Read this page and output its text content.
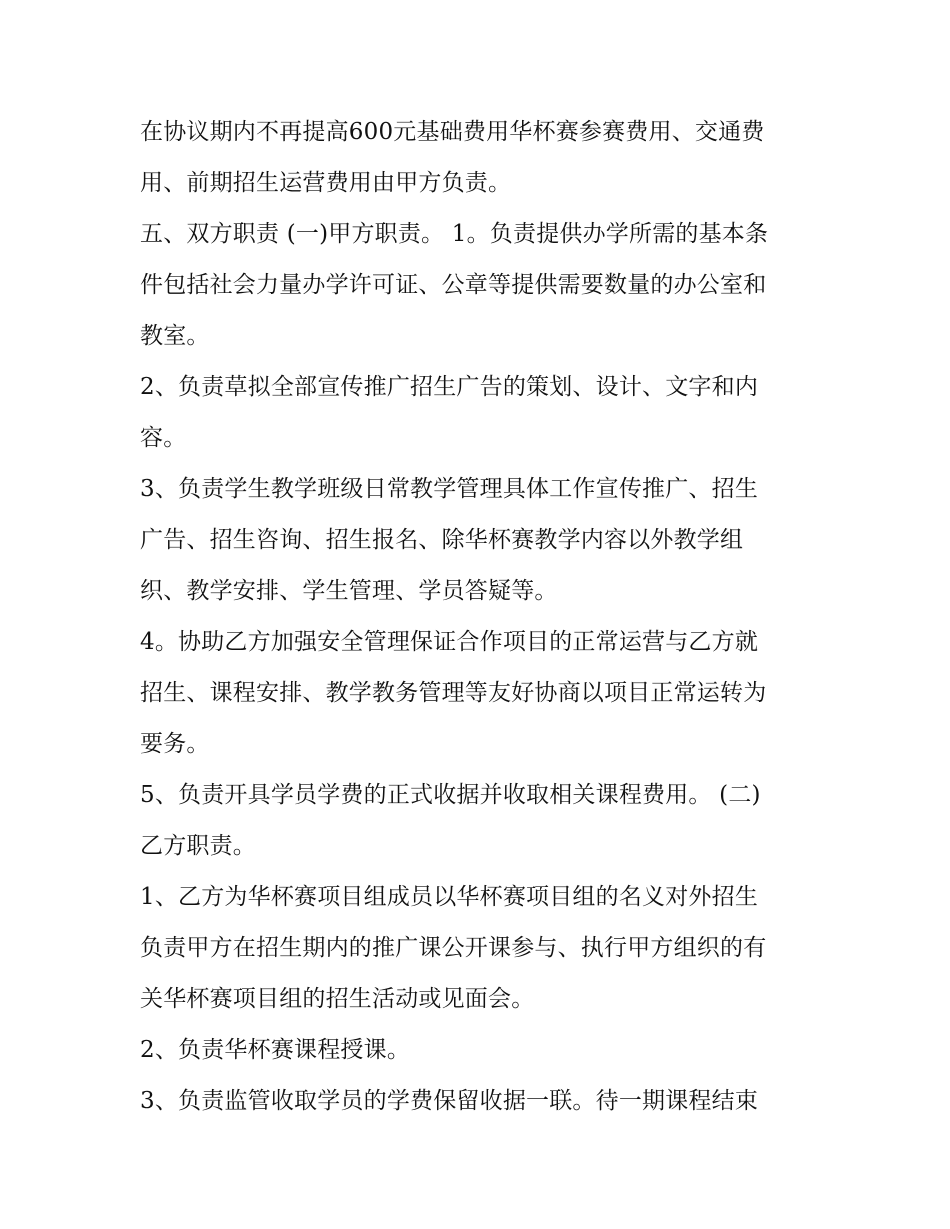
在协议期内不再提高600元基础费用华杯赛参赛费用、交通费
用、前期招生运营费用由甲方负责。
五、双方职责 (一)甲方职责。 1。负责提供办学所需的基本条
件包括社会力量办学许可证、公章等提供需要数量的办公室和
教室。
2、负责草拟全部宣传推广招生广告的策划、设计、文字和内
容。
3、负责学生教学班级日常教学管理具体工作宣传推广、招生
广告、招生咨询、招生报名、除华杯赛教学内容以外教学组
织、教学安排、学生管理、学员答疑等。
4。协助乙方加强安全管理保证合作项目的正常运营与乙方就
招生、课程安排、教学教务管理等友好协商以项目正常运转为
要务。
5、负责开具学员学费的正式收据并收取相关课程费用。 (二)
乙方职责。
1、乙方为华杯赛项目组成员以华杯赛项目组的名义对外招生
负责甲方在招生期内的推广课公开课参与、执行甲方组织的有
关华杯赛项目组的招生活动或见面会。
2、负责华杯赛课程授课。
3、负责监管收取学员的学费保留收据一联。待一期课程结束
